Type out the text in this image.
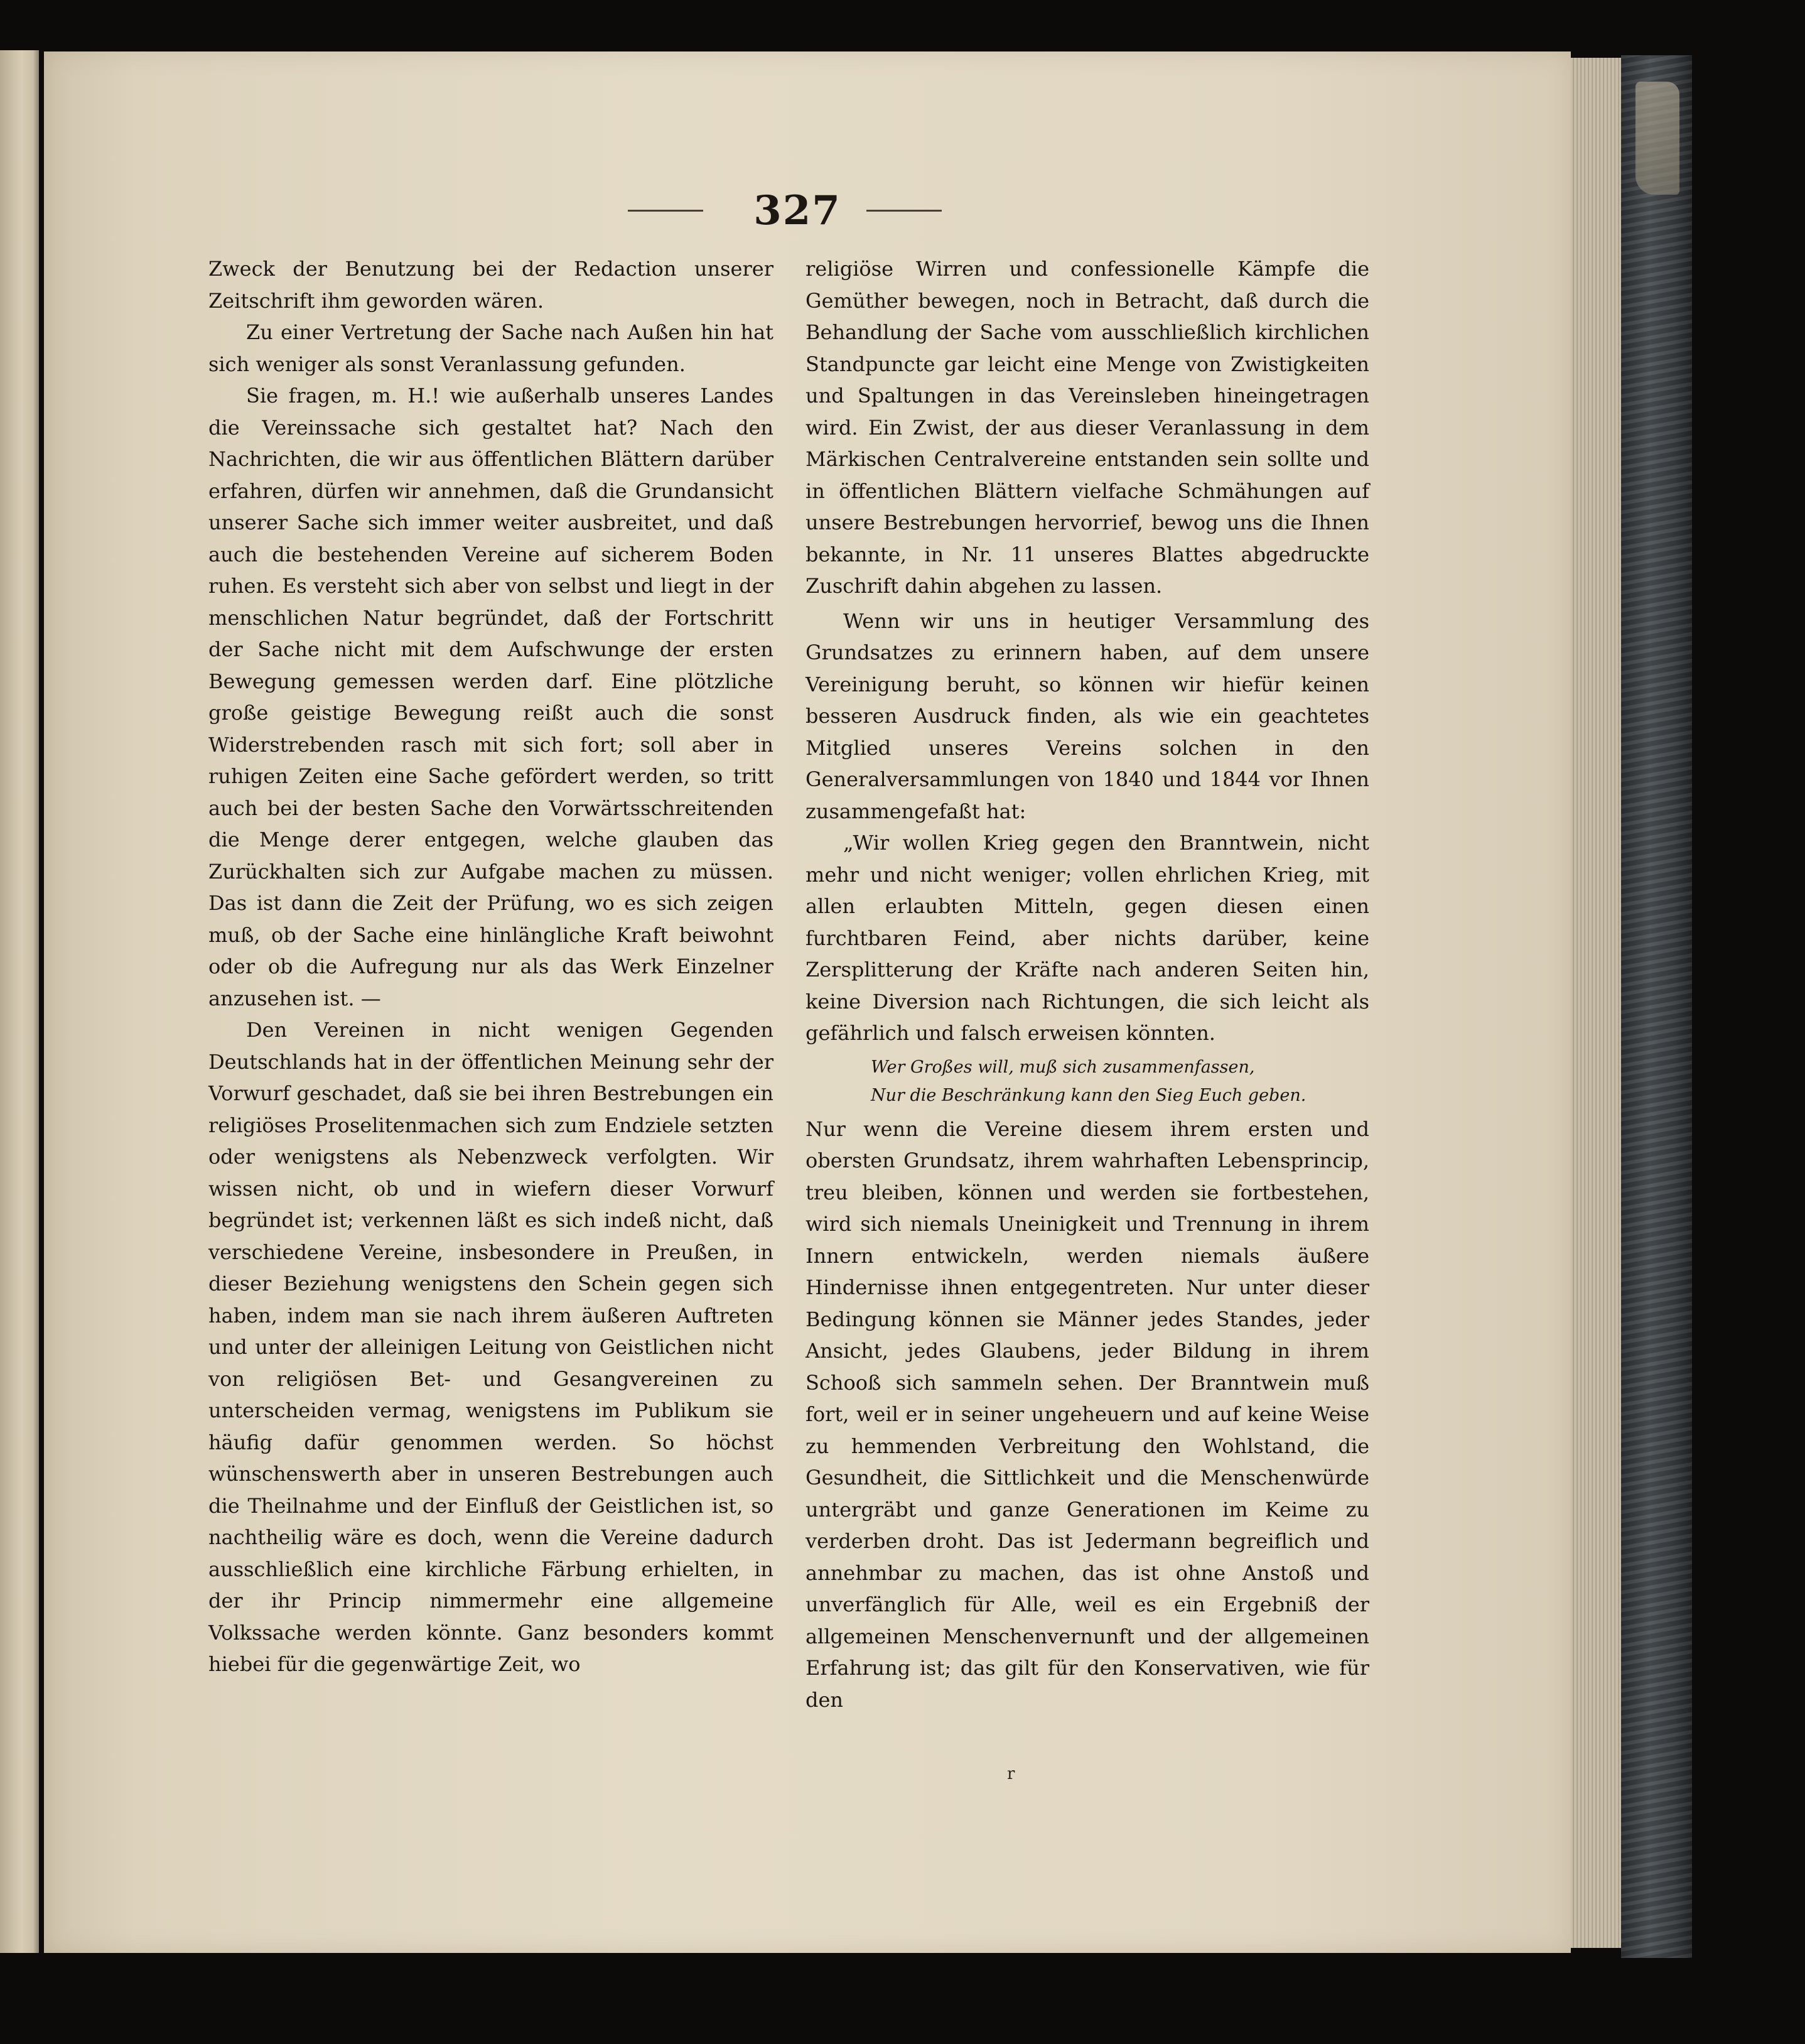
327

Zweck der Benutzung bei der Redaction unserer Zeitschrift ihm geworden wären.

Zu einer Vertretung der Sache nach Außen hin hat sich weniger als sonst Veranlassung gefunden.

Sie fragen, m. H.! wie außerhalb unseres Landes die Vereinssache sich gestaltet hat? Nach den Nachrichten, die wir aus öffentlichen Blättern darüber erfahren, dürfen wir annehmen, daß die Grundansicht unserer Sache sich immer weiter ausbreitet, und daß auch die bestehenden Vereine auf sicherem Boden ruhen. Es versteht sich aber von selbst und liegt in der menschlichen Natur begründet, daß der Fortschritt der Sache nicht mit dem Aufschwunge der ersten Bewegung gemessen werden darf. Eine plötzliche große geistige Bewegung reißt auch die sonst Widerstrebenden rasch mit sich fort; soll aber in ruhigen Zeiten eine Sache gefördert werden, so tritt auch bei der besten Sache den Vorwärtsschreitenden die Menge derer entgegen, welche glauben das Zurückhalten sich zur Aufgabe machen zu müssen. Das ist dann die Zeit der Prüfung, wo es sich zeigen muß, ob der Sache eine hinlängliche Kraft beiwohnt oder ob die Aufregung nur als das Werk Einzelner anzusehen ist. —

Den Vereinen in nicht wenigen Gegenden Deutschlands hat in der öffentlichen Meinung sehr der Vorwurf geschadet, daß sie bei ihren Bestrebungen ein religiöses Proselitenmachen sich zum Endziele setzten oder wenigstens als Nebenzweck verfolgten. Wir wissen nicht, ob und in wiefern dieser Vorwurf begründet ist; verkennen läßt es sich indeß nicht, daß verschiedene Vereine, insbesondere in Preußen, in dieser Beziehung wenigstens den Schein gegen sich haben, indem man sie nach ihrem äußeren Auftreten und unter der alleinigen Leitung von Geistlichen nicht von religiösen Bet- und Gesangvereinen zu unterscheiden vermag, wenigstens im Publikum sie häufig dafür genommen werden. So höchst wünschenswerth aber in unseren Bestrebungen auch die Theilnahme und der Einfluß der Geistlichen ist, so nachtheilig wäre es doch, wenn die Vereine dadurch ausschließlich eine kirchliche Färbung erhielten, in der ihr Princip nimmermehr eine allgemeine Volkssache werden könnte. Ganz besonders kommt hiebei für die gegenwärtige Zeit, wo

religiöse Wirren und confessionelle Kämpfe die Gemüther bewegen, noch in Betracht, daß durch die Behandlung der Sache vom ausschließlich kirchlichen Standpuncte gar leicht eine Menge von Zwistigkeiten und Spaltungen in das Vereinsleben hineingetragen wird. Ein Zwist, der aus dieser Veranlassung in dem Märkischen Centralvereine entstanden sein sollte und in öffentlichen Blättern vielfache Schmähungen auf unsere Bestrebungen hervorrief, bewog uns die Ihnen bekannte, in Nr. 11 unseres Blattes abgedruckte Zuschrift dahin abgehen zu lassen.

Wenn wir uns in heutiger Versammlung des Grundsatzes zu erinnern haben, auf dem unsere Vereinigung beruht, so können wir hiefür keinen besseren Ausdruck finden, als wie ein geachtetes Mitglied unseres Vereins solchen in den Generalversammlungen von 1840 und 1844 vor Ihnen zusammengefaßt hat:

„Wir wollen Krieg gegen den Branntwein, nicht mehr und nicht weniger; vollen ehrlichen Krieg, mit allen erlaubten Mitteln, gegen diesen einen furchtbaren Feind, aber nichts darüber, keine Zersplitterung der Kräfte nach anderen Seiten hin, keine Diversion nach Richtungen, die sich leicht als gefährlich und falsch erweisen könnten.

Wer Großes will, muß sich zusammenfassen,
Nur die Beschränkung kann den Sieg Euch geben.

Nur wenn die Vereine diesem ihrem ersten und obersten Grundsatz, ihrem wahrhaften Lebensprincip, treu bleiben, können und werden sie fortbestehen, wird sich niemals Uneinigkeit und Trennung in ihrem Innern entwickeln, werden niemals äußere Hindernisse ihnen entgegentreten. Nur unter dieser Bedingung können sie Männer jedes Standes, jeder Ansicht, jedes Glaubens, jeder Bildung in ihrem Schooß sich sammeln sehen. Der Branntwein muß fort, weil er in seiner ungeheuern und auf keine Weise zu hemmenden Verbreitung den Wohlstand, die Gesundheit, die Sittlichkeit und die Menschenwürde untergräbt und ganze Generationen im Keime zu verderben droht. Das ist Jedermann begreiflich und annehmbar zu machen, das ist ohne Anstoß und unverfänglich für Alle, weil es ein Ergebniß der allgemeinen Menschenvernunft und der allgemeinen Erfahrung ist; das gilt für den Konservativen, wie für den

r
